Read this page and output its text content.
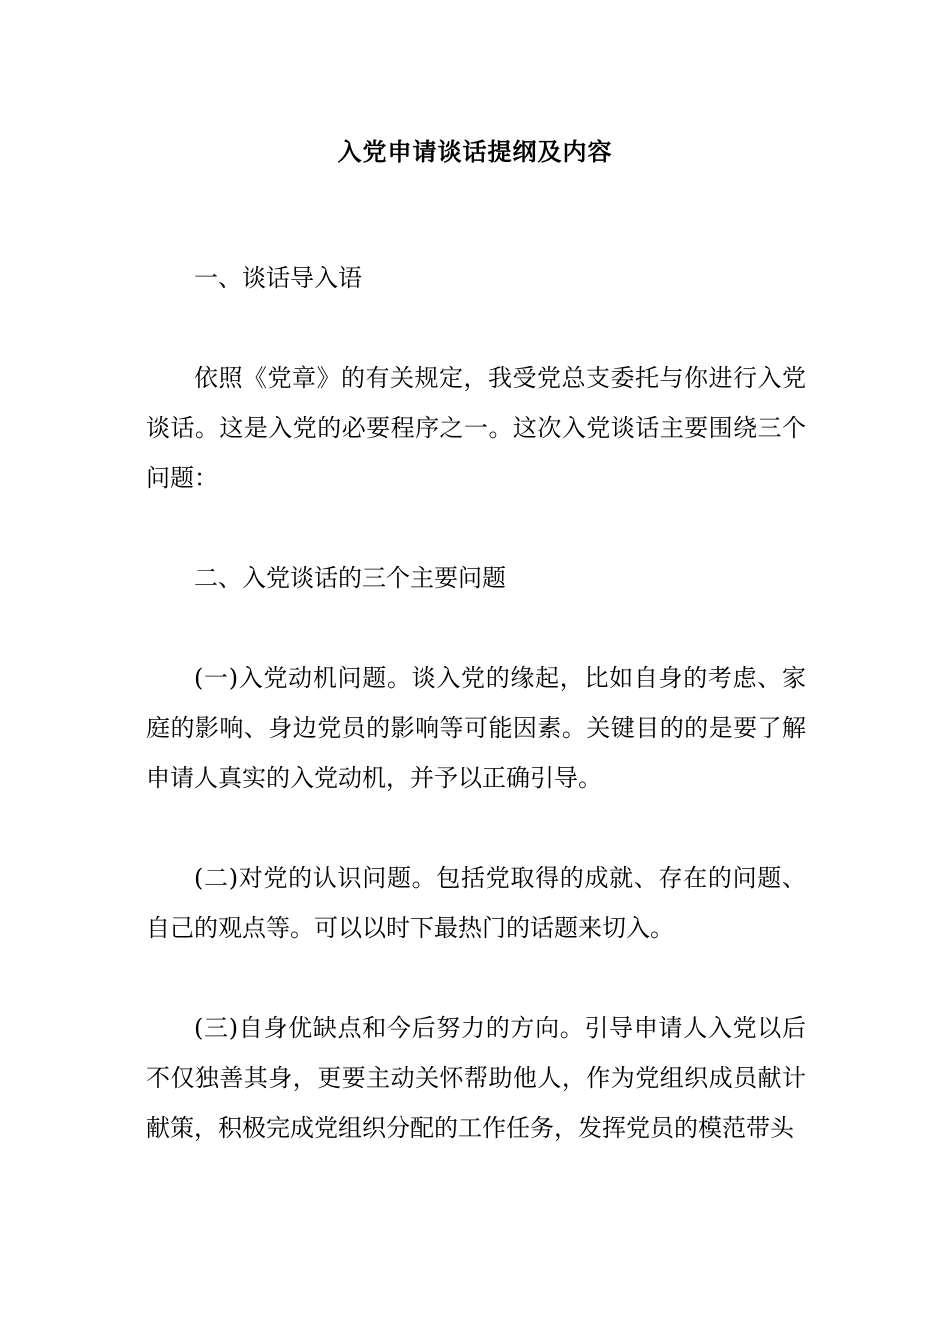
入党申请谈话提纲及内容

一、谈话导入语

依照《党章》的有关规定，我受党总支委托与你进行入党谈话。这是入党的必要程序之一。这次入党谈话主要围绕三个问题：

二、入党谈话的三个主要问题

(一)入党动机问题。谈入党的缘起，比如自身的考虑、家庭的影响、身边党员的影响等可能因素。关键目的的是要了解申请人真实的入党动机，并予以正确引导。

(二)对党的认识问题。包括党取得的成就、存在的问题、自己的观点等。可以以时下最热门的话题来切入。

(三)自身优缺点和今后努力的方向。引导申请人入党以后不仅独善其身，更要主动关怀帮助他人，作为党组织成员献计献策，积极完成党组织分配的工作任务，发挥党员的模范带头
